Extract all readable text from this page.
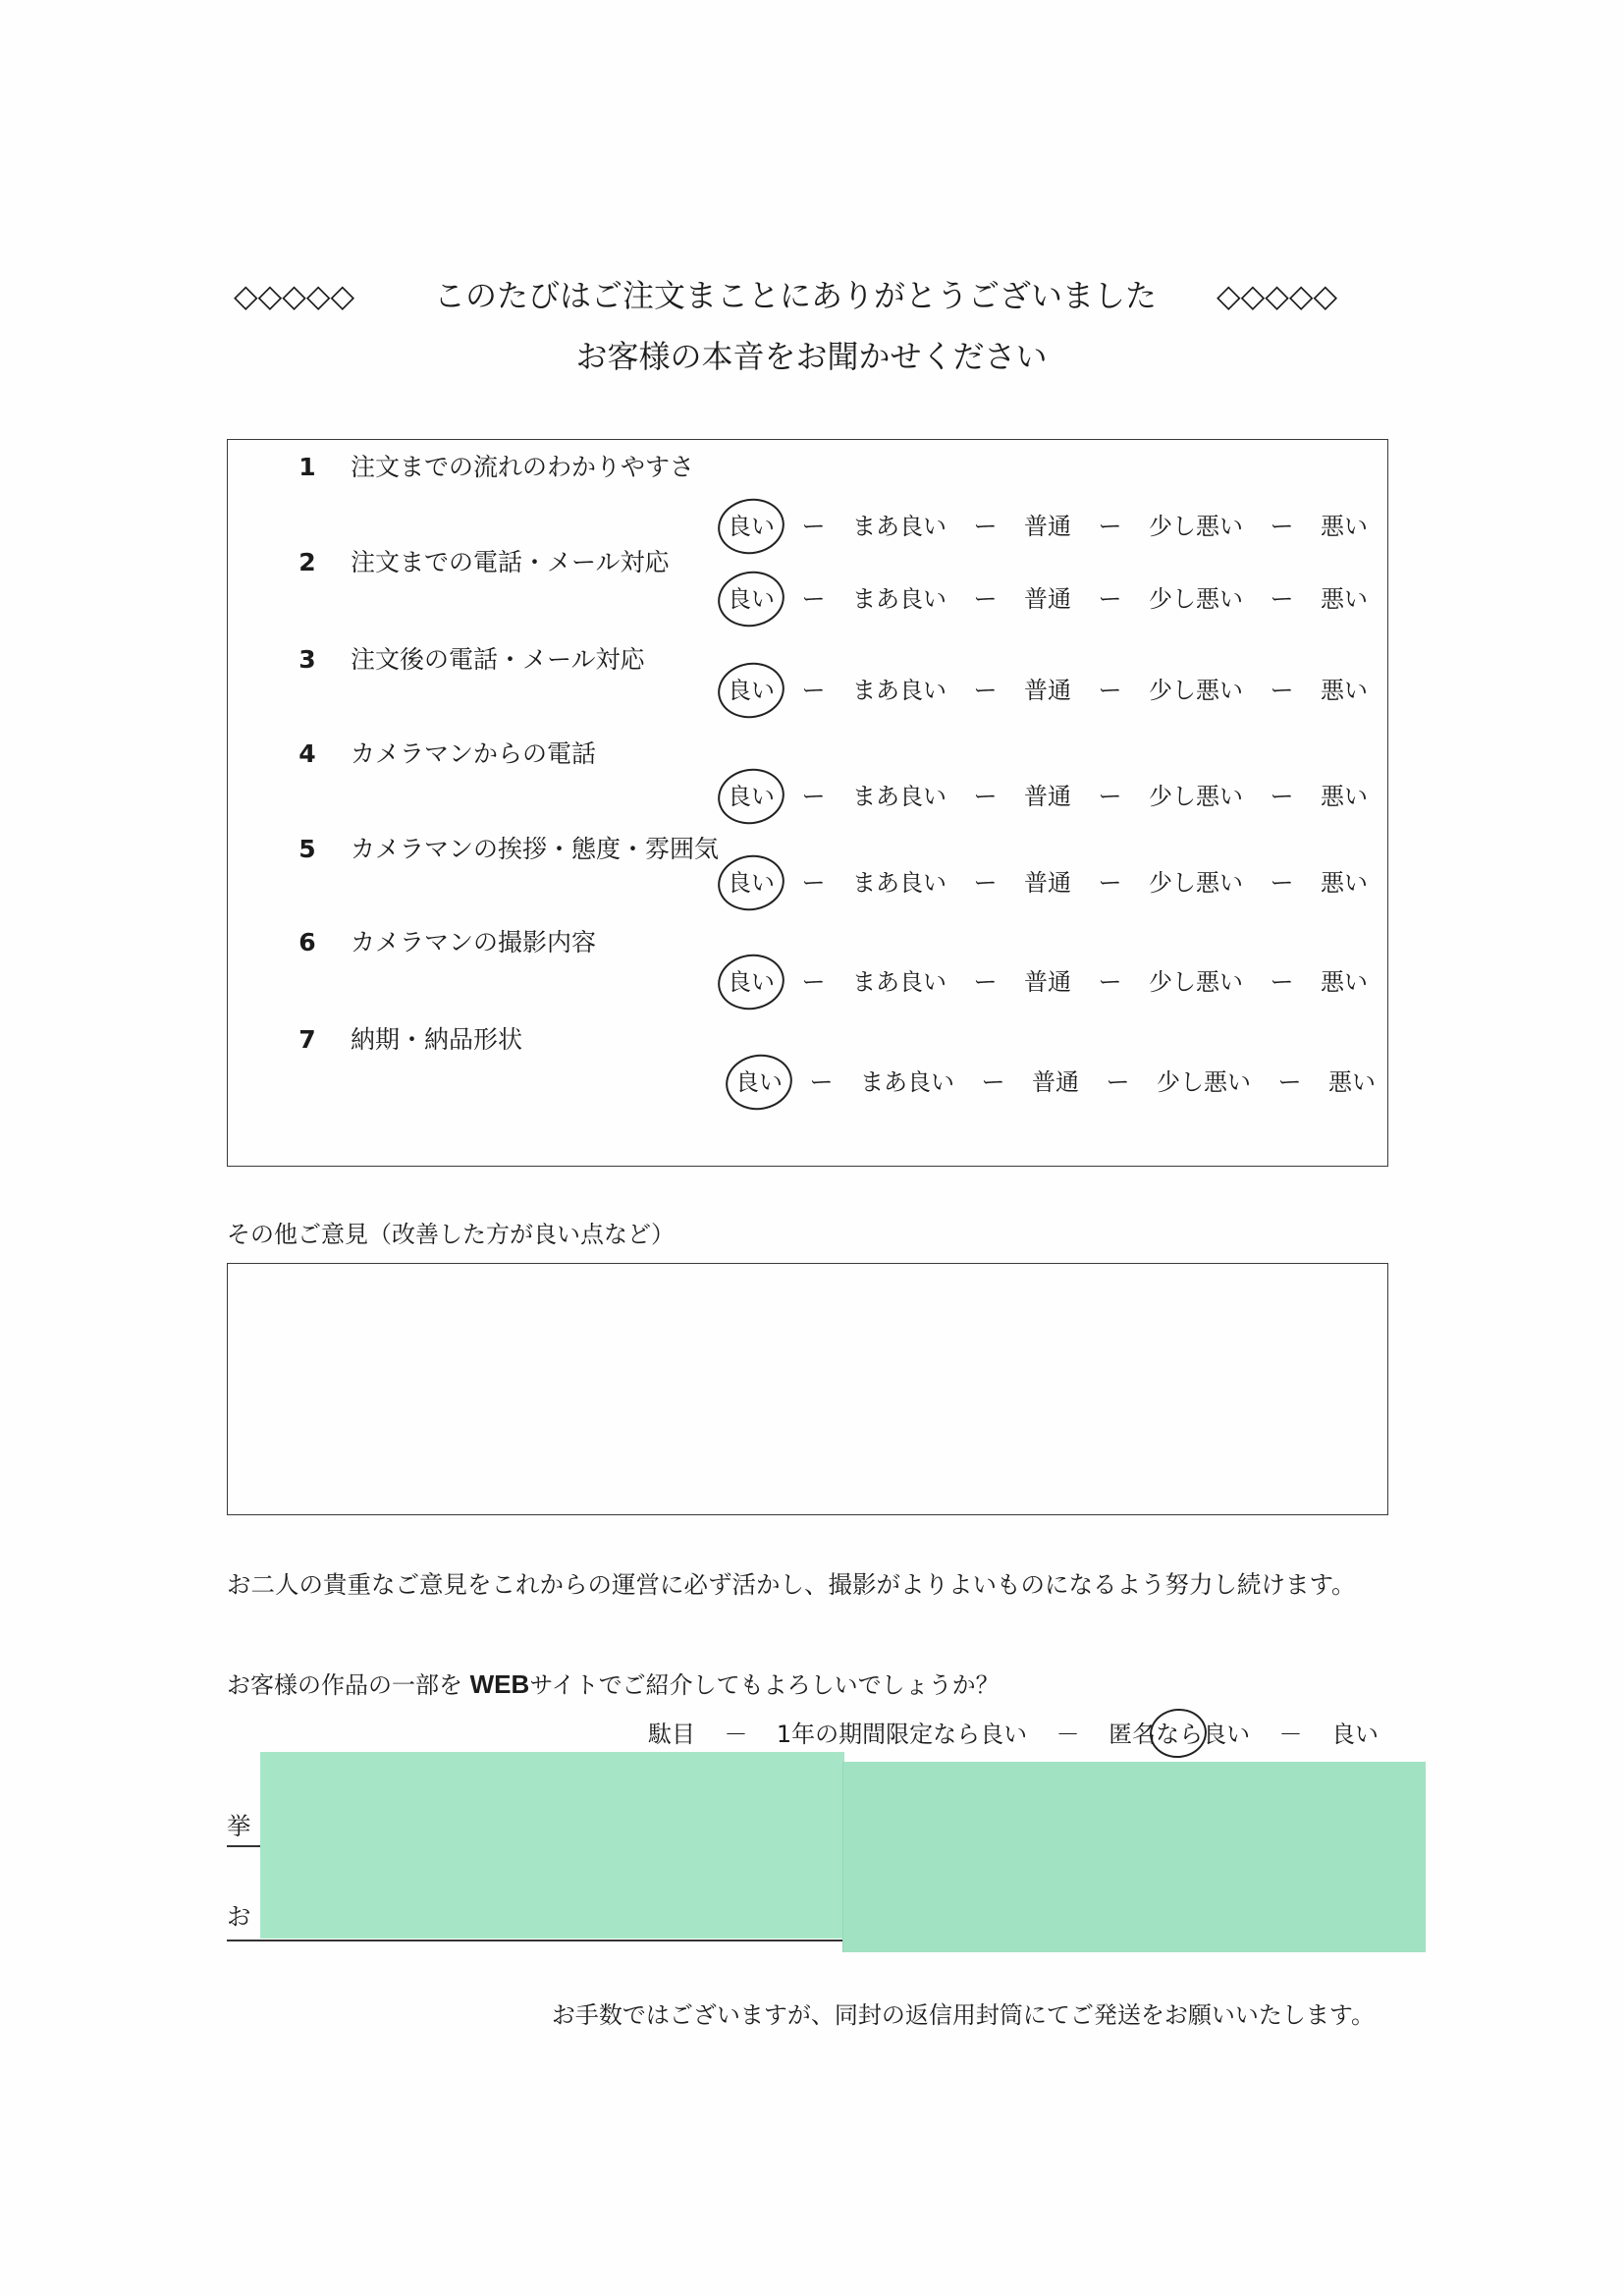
◇◇◇◇◇	このたびはご注文まことにありがとうございました ◇◇◇◇◇
お客様の本音をお聞かせください
1 注文までの流れのわかりやすさ
良い ー まあ良い ー 普通 ー 少し悪い ー 悪い
2 注文までの電話・メール対応
良い ー まあ良い ー 普通 ー 少し悪い ー 悪い
3 注文後の電話・メール対応
良い ー まあ良い ー 普通 ー 少し悪い ー 悪い
4 カメラマンからの電話
良い ー まあ良い ー 普通 ー 少し悪い ー 悪い
5 カメラマンの挨拶・態度・雰囲気
良い ー まあ良い ー 普通 ー 少し悪い ー 悪い
6 カメラマンの撮影内容
良い ー まあ良い ー 普通 ー 少し悪い ー 悪い
7 納期・納品形状
良い ー まあ良い ー 普通 ー 少し悪い ー 悪い
その他ご意見（改善した方が良い点など）
お二人の貴重なご意見をこれからの運営に必ず活かし、撮影がよりよいものになるよう努力し続けます。
お客様の作品の一部を WEBサイトでご紹介してもよろしいでしょうか？
駄目 － 1年の期間限定なら良い － 匿名なら
良い － 良い
挙
お
お手数ではございますが、同封の返信用封筒にてご発送をお願いいたします。
